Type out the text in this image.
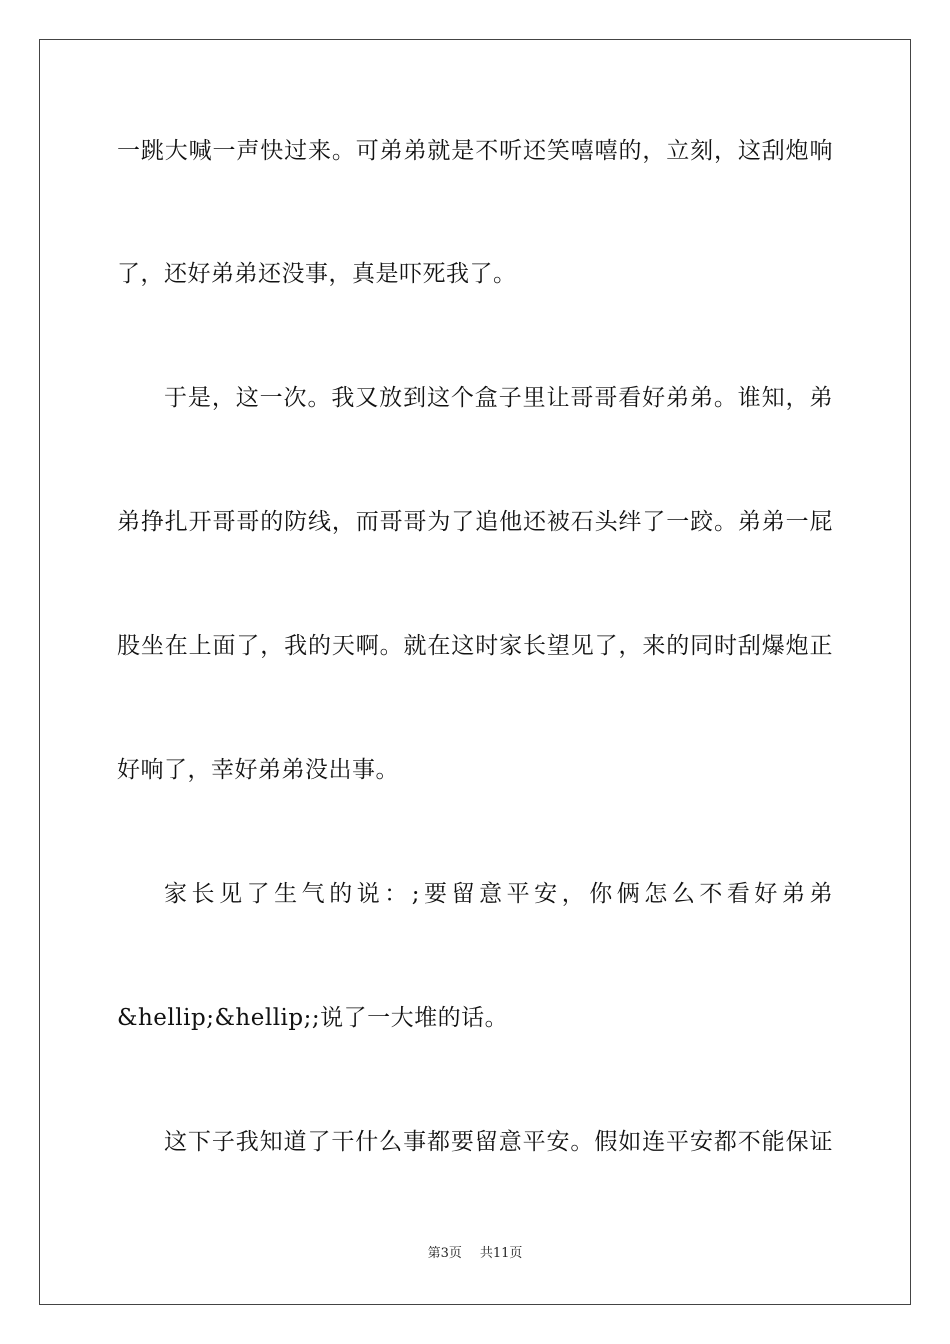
一跳大喊一声快过来。可弟弟就是不听还笑嘻嘻的，立刻，这刮炮响
了，还好弟弟还没事，真是吓死我了。
于是，这一次。我又放到这个盒子里让哥哥看好弟弟。谁知，弟
弟挣扎开哥哥的防线，而哥哥为了追他还被石头绊了一跤。弟弟一屁
股坐在上面了，我的天啊。就在这时家长望见了，来的同时刮爆炮正
好响了，幸好弟弟没出事。
家长见了生气的说：;要留意平安，你俩怎么不看好弟弟
&hellip;&hellip;;说了一大堆的话。
这下子我知道了干什么事都要留意平安。假如连平安都不能保证
第3页 共11页
